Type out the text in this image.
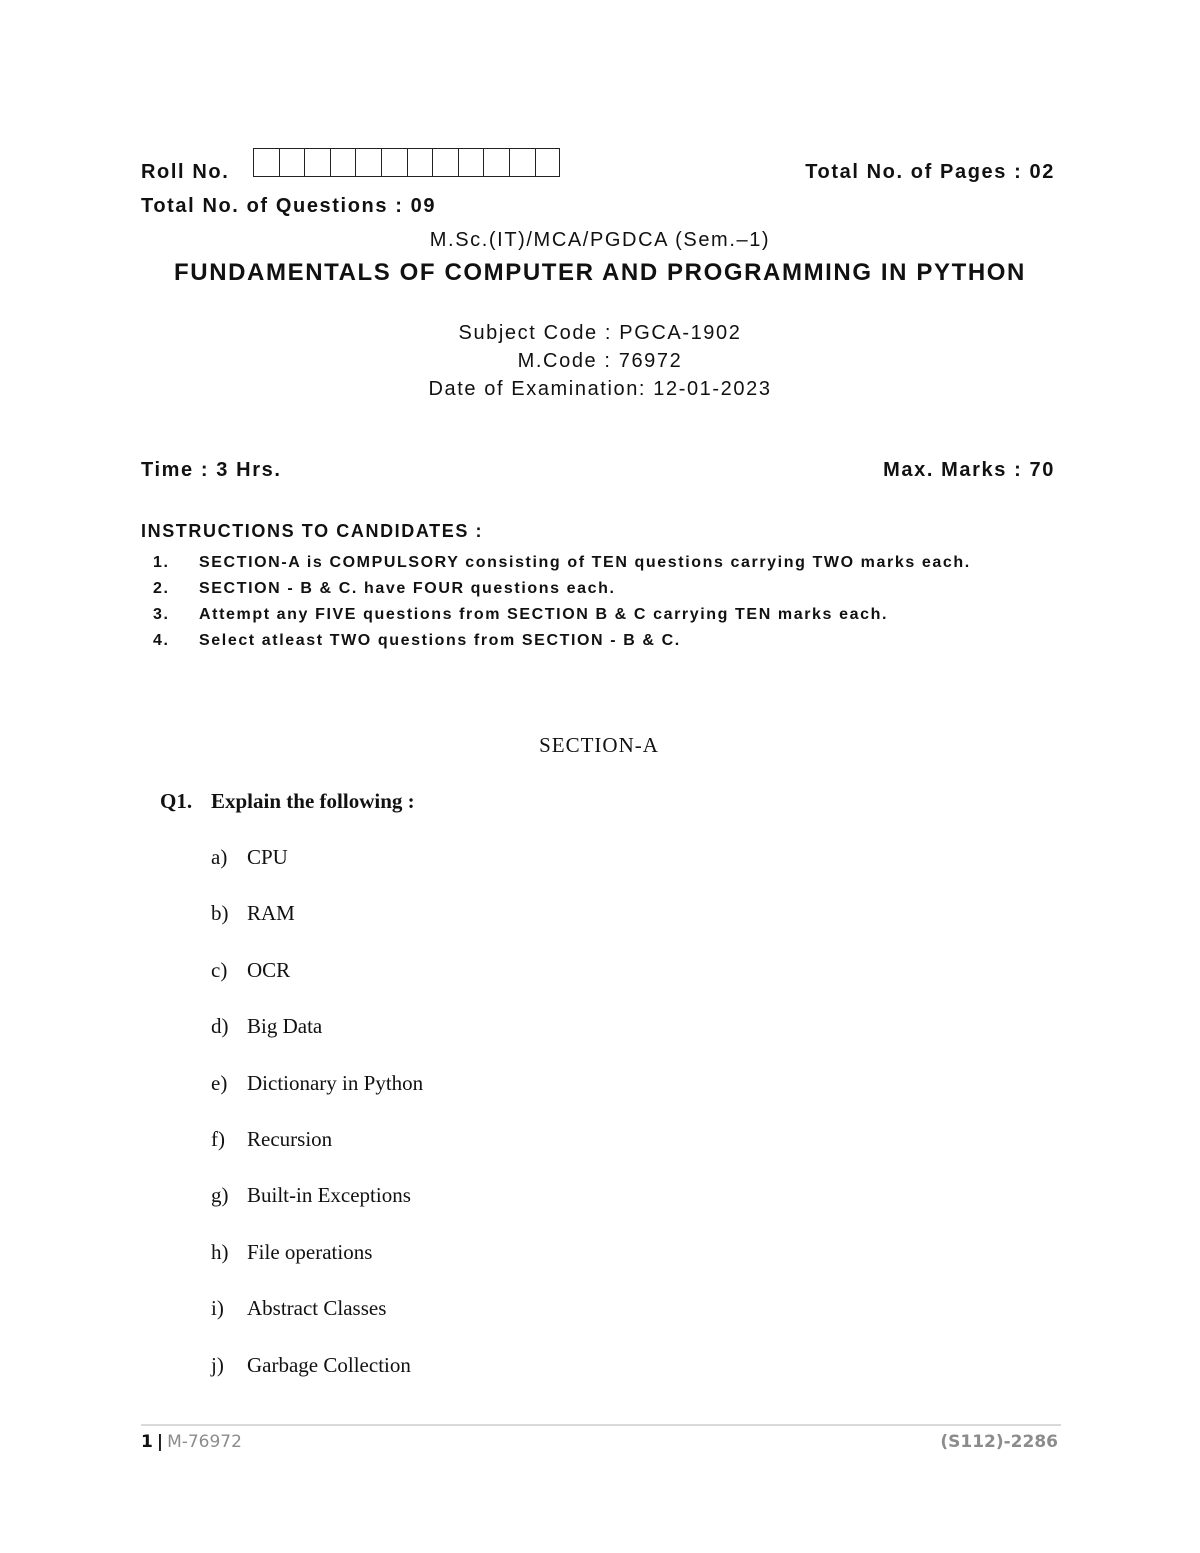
Roll No.	Total No. of Pages : 02
Total No. of Questions : 09
M.Sc.(IT)/MCA/PGDCA (Sem.–1)
FUNDAMENTALS OF COMPUTER AND PROGRAMMING IN PYTHON
Subject Code : PGCA-1902
M.Code : 76972
Date of Examination: 12-01-2023
Time : 3 Hrs.	Max. Marks : 70
INSTRUCTIONS TO CANDIDATES :
1.	SECTION-A is COMPULSORY consisting of TEN questions carrying TWO marks each.
2.	SECTION - B & C. have FOUR questions each.
3.	Attempt any FIVE questions from SECTION B & C carrying TEN marks each.
4.	Select atleast TWO questions from SECTION - B & C.
SECTION-A
Q1. Explain the following :
a) CPU
b) RAM
c) OCR
d) Big Data
e) Dictionary in Python
f)	Recursion
g) Built-in Exceptions
h) File operations
i)	Abstract Classes
j)	Garbage Collection
1 | M-76972	(S112)-2286
